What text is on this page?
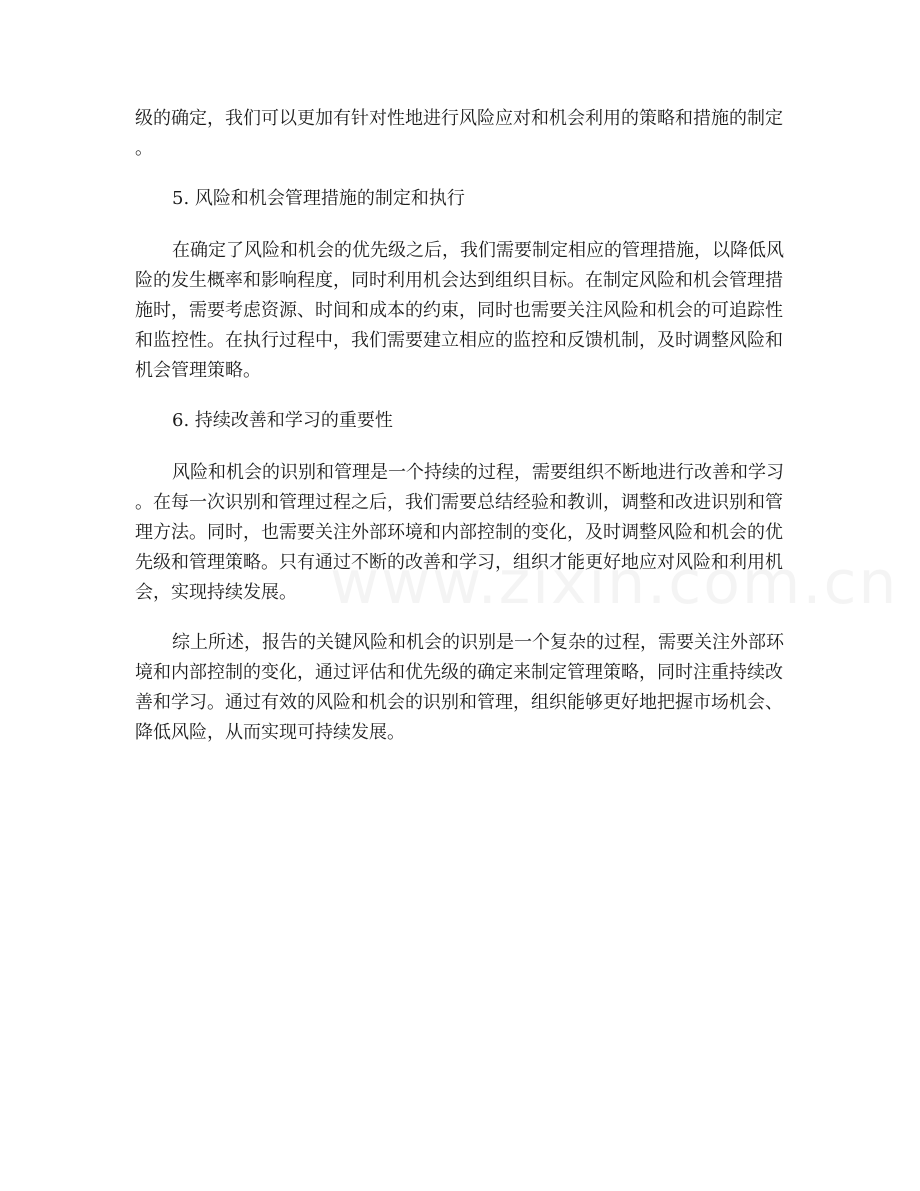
级的确定，我们可以更加有针对性地进行风险应对和机会利用的策略和措施的制定
。
5. 风险和机会管理措施的制定和执行
在确定了风险和机会的优先级之后，我们需要制定相应的管理措施，以降低风
险的发生概率和影响程度，同时利用机会达到组织目标。在制定风险和机会管理措
施时，需要考虑资源、时间和成本的约束，同时也需要关注风险和机会的可追踪性
和监控性。在执行过程中，我们需要建立相应的监控和反馈机制，及时调整风险和
机会管理策略。
6. 持续改善和学习的重要性
风险和机会的识别和管理是一个持续的过程，需要组织不断地进行改善和学习
。在每一次识别和管理过程之后，我们需要总结经验和教训，调整和改进识别和管
理方法。同时，也需要关注外部环境和内部控制的变化，及时调整风险和机会的优
先级和管理策略。只有通过不断的改善和学习，组织才能更好地应对风险和利用机
会，实现持续发展。
综上所述，报告的关键风险和机会的识别是一个复杂的过程，需要关注外部环
境和内部控制的变化，通过评估和优先级的确定来制定管理策略，同时注重持续改
善和学习。通过有效的风险和机会的识别和管理，组织能够更好地把握市场机会、
降低风险，从而实现可持续发展。
